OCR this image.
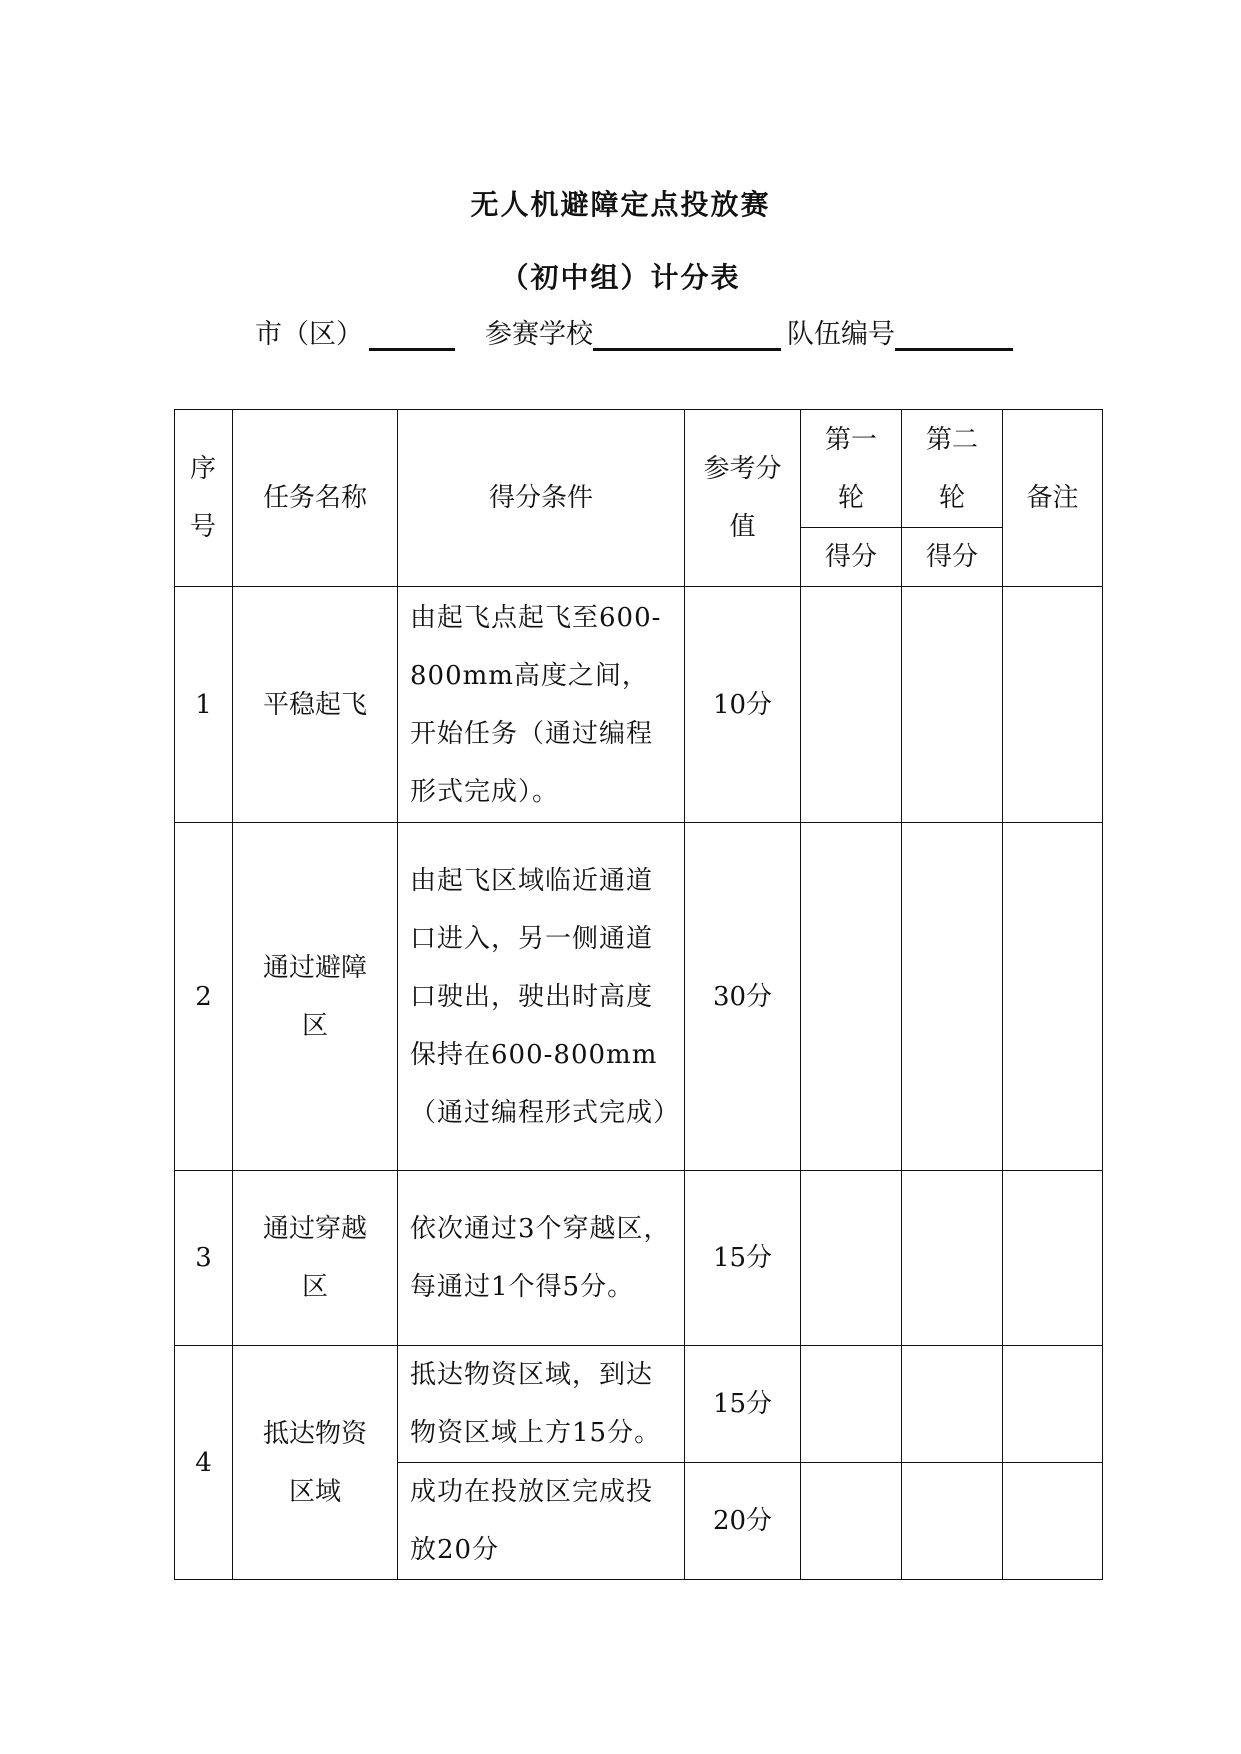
无人机避障定点投放赛
（初中组）计分表
市（区）	参赛学校	队伍编号
序号	任务名称	得分条件	参考分值	第一轮	第二轮	备注
				得分	得分	
1	平稳起飞	由起飞点起飞至600-800mm高度之间，开始任务（通过编程形式完成）。	10分			
2	通过避障区	由起飞区域临近通道口进入，另一侧通道口驶出，驶出时高度保持在600-800mm（通过编程形式完成）	30分			
3	通过穿越区	依次通过3个穿越区，每通过1个得5分。	15分			
4	抵达物资区域	抵达物资区域，到达物资区域上方15分。	15分			
		成功在投放区完成投放20分	20分			
